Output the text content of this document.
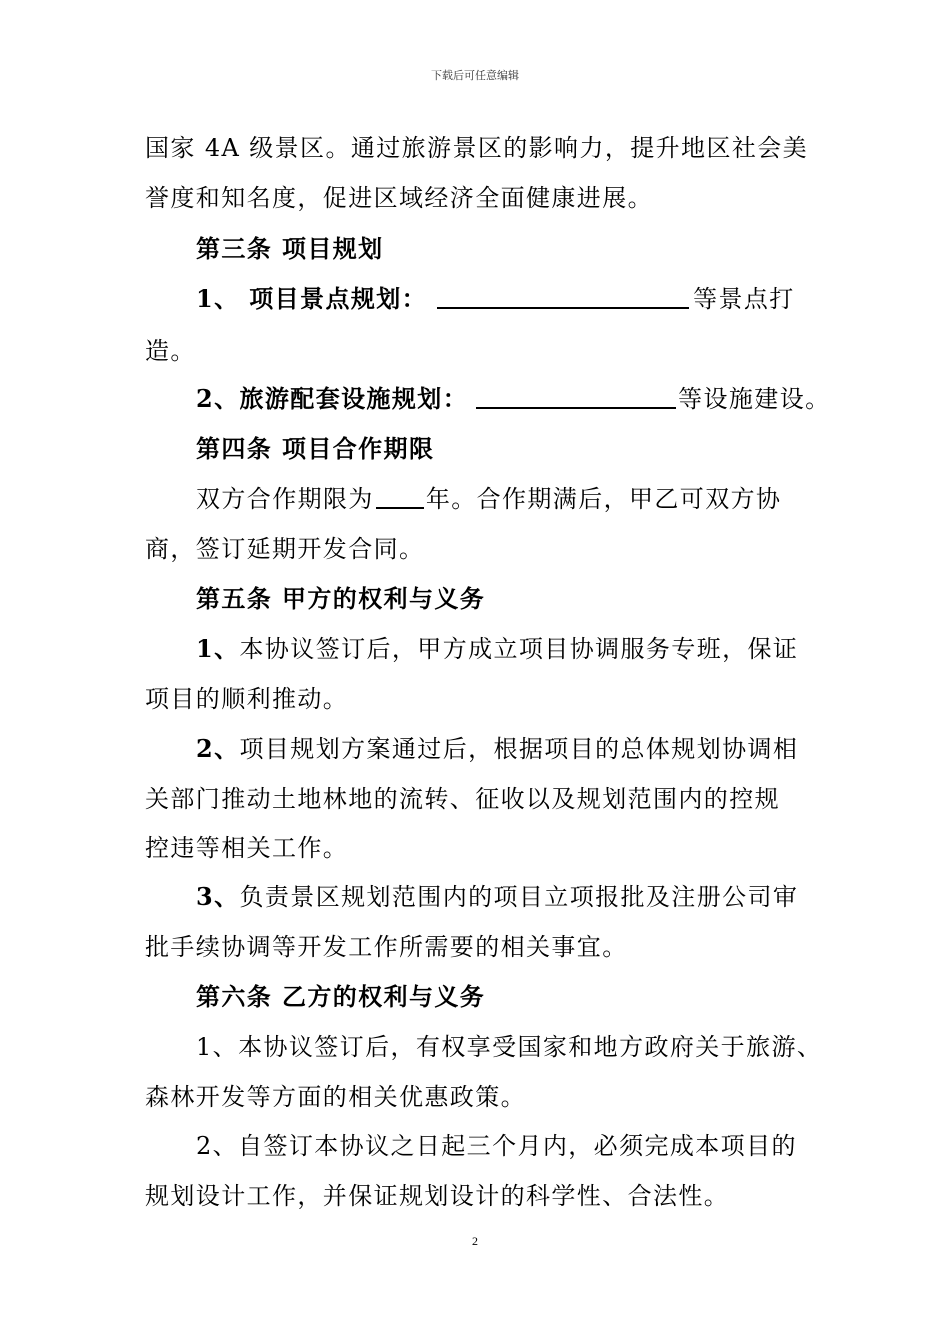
下载后可任意编辑
国家 4A 级景区。通过旅游景区的影响力，提升地区社会美
誉度和知名度，促进区域经济全面健康进展。
第三条 项目规划
1、 项目景点规划：	等景点打
造。
2、旅游配套设施规划：	等设施建设。
第四条 项目合作期限
双方合作期限为 年。合作期满后，甲乙可双方协
商，签订延期开发合同。
第五条 甲方的权利与义务
1、本协议签订后，甲方成立项目协调服务专班，保证
项目的顺利推动。
2、项目规划方案通过后，根据项目的总体规划协调相
关部门推动土地林地的流转、征收以及规划范围内的控规
控违等相关工作。
3、负责景区规划范围内的项目立项报批及注册公司审
批手续协调等开发工作所需要的相关事宜。
第六条 乙方的权利与义务
1、本协议签订后，有权享受国家和地方政府关于旅游、
森林开发等方面的相关优惠政策。
2、自签订本协议之日起三个月内，必须完成本项目的
规划设计工作，并保证规划设计的科学性、合法性。
2
